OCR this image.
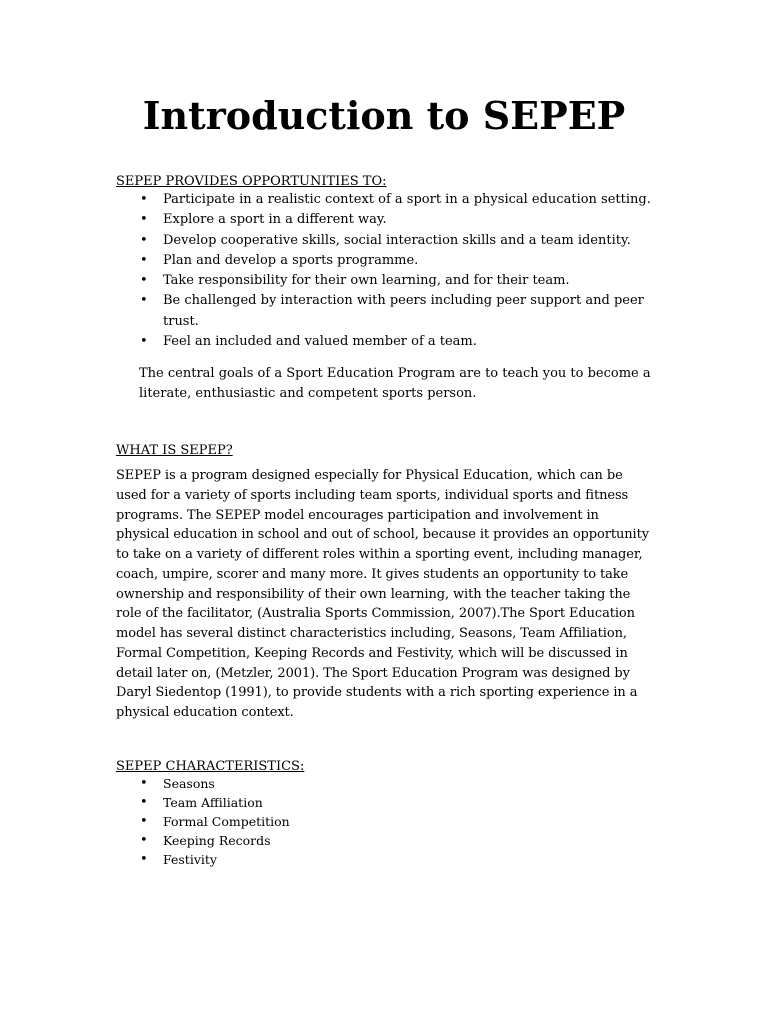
Introduction to SEPEP

SEPEP PROVIDES OPPORTUNITIES TO:

• Participate in a realistic context of a sport in a physical education setting.
• Explore a sport in a different way.
• Develop cooperative skills, social interaction skills and a team identity.
• Plan and develop a sports programme.
• Take responsibility for their own learning, and for their team.
• Be challenged by interaction with peers including peer support and peer trust.
• Feel an included and valued member of a team.

The central goals of a Sport Education Program are to teach you to become a literate, enthusiastic and competent sports person.

WHAT IS SEPEP?

SEPEP is a program designed especially for Physical Education, which can be used for a variety of sports including team sports, individual sports and fitness programs. The SEPEP model encourages participation and involvement in physical education in school and out of school, because it provides an opportunity to take on a variety of different roles within a sporting event, including manager, coach, umpire, scorer and many more. It gives students an opportunity to take ownership and responsibility of their own learning, with the teacher taking the role of the facilitator, (Australia Sports Commission, 2007).The Sport Education model has several distinct characteristics including, Seasons, Team Affiliation, Formal Competition, Keeping Records and Festivity, which will be discussed in detail later on, (Metzler, 2001). The Sport Education Program was designed by Daryl Siedentop (1991), to provide students with a rich sporting experience in a physical education context.

SEPEP CHARACTERISTICS:

• Seasons
• Team Affiliation
• Formal Competition
• Keeping Records
• Festivity
